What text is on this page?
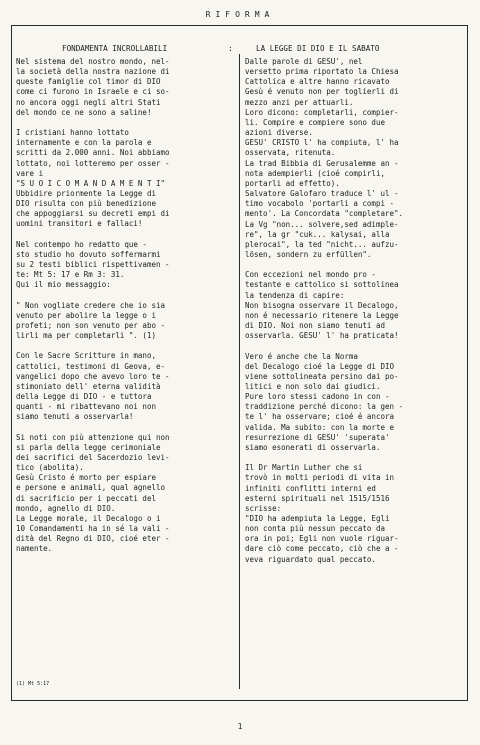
RIFORMA
FONDAMENTA INCROLLABILI	:	LA LEGGE DI DIO E IL SABATO

Nel sistema del nostro mondo, nel-
la società della nostra nazione di
queste famiglie col timor di DIO
come ci furono in Israele e ci so-
no ancora oggi negli altri Stati
del mondo ce ne sono a saline!

I cristiani hanno lottato
internamente e con la parola e
scritti da 2.000 anni. Noi abbiamo
lottato, noi lotteremo per osser -
vare i

"S U O I C O M A N D A M E N T I"
Ubbidire priormente la Legge di
DIO risulta con più benedizione
che appoggiarsi su decreti empi di
uomini transitori e fallaci!

Nel contempo ho redatto que -
sto studio ho dovuto soffermarmi
su 2 testi biblici rispettivamen -
te: Mt 5: 17 e Rm 3: 31.
Qui il mio messaggio:

" Non vogliate credere che io sia
venuto per abolire la legge o i
profeti; non son venuto per abo -
lirli ma per completarli ". (1)

Con le Sacre Scritture in mano,
cattolici, testimoni di Geova, e-
vangelici dopo che avevo loro te -
stimoniato dell' eterna validità
della Legge di DIO - e tuttora
quanti - mi ribattevano noi non
siamo tenuti a osservarla!

Si noti con più attenzione qui non
si parla della legge cerimoniale
dei sacrifici del Sacerdozio levi-
tico (abolita).
Gesù Cristo é morto per espiare
e persone e animali, qual agnello
di sacrificio per i peccati del
mondo, agnello di DIO.
La Legge morale, il Decalogo o i
10 Comandamenti ha in sé la vali -
dità del Regno di DIO, cioé eter -
namente.

Dalle parole di GESU', nel
versetto prima riportato la Chiesa
Cattolica e altre hanno ricavato
Gesù é venuto non per toglierli di
mezzo anzi per attuarli.
Loro dicono: completarli, compier-
li. Compire e compiere sono due
azioni diverse.
GESU' CRISTO l' ha compiuta, l' ha
osservata, ritenuta.
La trad Bibbia di Gerusalemme an -
nota adempierli (cioé compirli,
portarli ad effetto).
Salvatore Galofaro traduce l' ul -
timo vocabolo 'portarli a compi -
mento'. La Concordata "completare".
La Vg "non... solvere,sed adimple-
re", la gr "cuk... kalysai, alla
pleroсai", la ted "nicht... aufzu-
lösen, sondern zu erfüllen".

Con eccezioni nel mondo pro -
testante e cattolico si sottolinea
la tendenza di capire:
Non bisogna osservare il Decalogo,
non é necessario ritenere la Legge
di DIO. Noi non siamo tenuti ad
osservarla. GESU' l' ha praticata!

Vero é anche che la Norma
del Decalogo cioé la Legge di DIO
viene sottolineata persino dai po-
litici e non solo dai giudici.
Pure loro stessi cadono in con -
traddizione perché dicono: la gen -
te l' ha osservare; cioé é ancora
valida. Ma subito: con la morte e
resurrezione di GESU' 'superata'
siamo esonerati di osservarla.

Il Dr Martin Luther che si
trovò in molti periodi di vita in
infiniti conflitti interni ed
esterni spirituali nel 1515/1516
scrisse:
"DIO ha adempiuta la Legge, Egli
non conta più nessun peccato da
ora in poi; Egli non vuole riguar-
dare ciò come peccato, ciò che a -
veva riguardato qual peccato.

(1) Mt 5:17
1
